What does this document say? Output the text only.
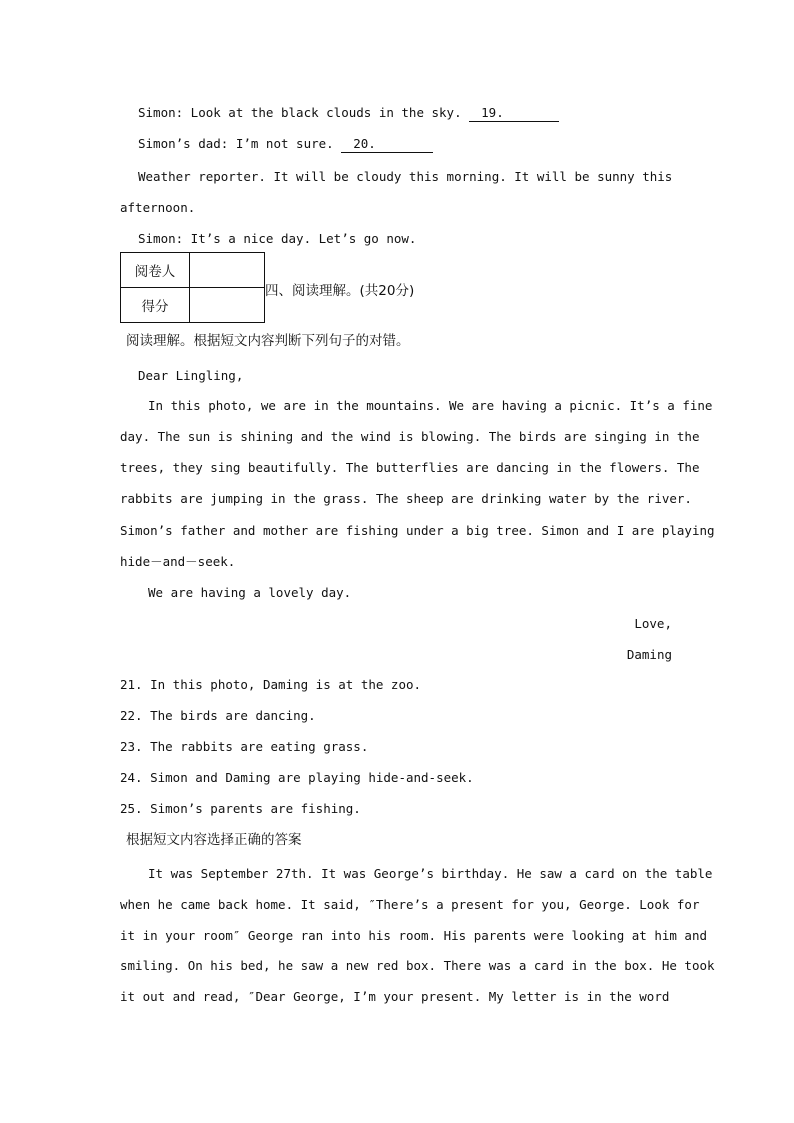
Simon: Look at the black clouds in the sky. 19.
Simon’s dad: I’m not sure. 20.
Weather reporter. It will be cloudy this morning. It will be sunny this
afternoon.
Simon: It’s a nice day. Let’s go now.
阅卷人	
得分	
四、阅读理解。(共20分)
阅读理解。根据短文内容判断下列句子的对错。
Dear Lingling,
In this photo, we are in the mountains. We are having a picnic. It’s a fine
day. The sun is shining and the wind is blowing. The birds are singing in the
trees, they sing beautifully. The butterflies are dancing in the flowers. The
rabbits are jumping in the grass. The sheep are drinking water by the river.
Simon’s father and mother are fishing under a big tree. Simon and I are playing
hide－and－seek.
We are having a lovely day.
Love,
Daming
21. In this photo, Daming is at the zoo.
22. The birds are dancing.
23. The rabbits are eating grass.
24. Simon and Daming are playing hide-and-seek.
25. Simon’s parents are fishing.
根据短文内容选择正确的答案
It was September 27th. It was George’s birthday. He saw a card on the table
when he came back home. It said, ″There’s a present for you, George. Look for
it in your room″ George ran into his room. His parents were looking at him and
smiling. On his bed, he saw a new red box. There was a card in the box. He took
it out and read, ″Dear George, I’m your present. My letter is in the word
